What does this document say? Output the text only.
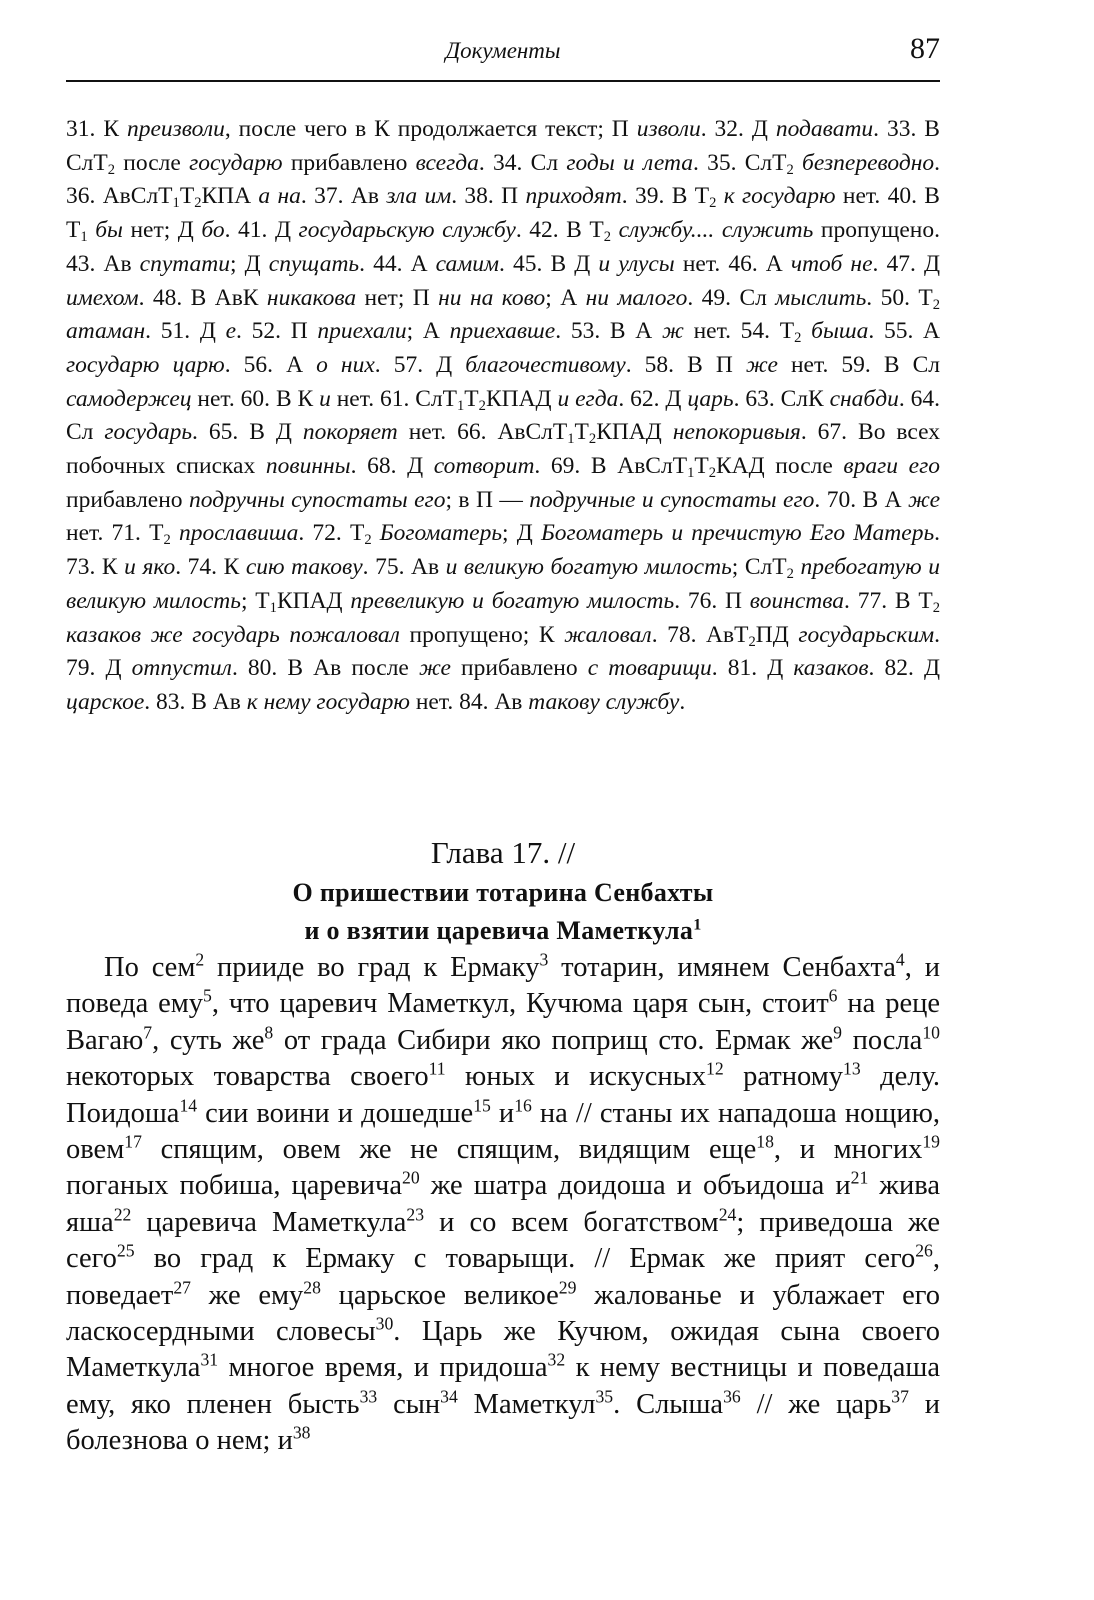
Документы	87

31. К преизволи, после чего в К продолжается текст; П изволи. 32. Д подавати. 33. В СлТ$_2$ после государю прибавлено всегда. 34. Сл годы и лета. 35. СлТ$_2$ безпереводно. 36. $АвСлТ_1Т_2КПА$ а на. 37. Ав зла им. 38. П приходят. 39. В $Т_2$ к государю нет. 40. В $Т_1$ бы нет; Д бо. 41. Д государьскую службу. 42. В $Т_2$ службу.... служить пропущено. 43. Ав спутати; Д спущать. 44. А самим. 45. В Д и улусы нет. 46. А чтоб не. 47. Д имехом. 48. В АвК никакова нет; П ни на ково; А ни малого. 49. Сл мыслить. 50. $Т_2$ атаман. 51. Д е. 52. П приехали; А приехавше. 53. В А ж нет. 54. $Т_2$ быша. 55. А государю царю. 56. А о них. 57. Д благочестивому. 58. В П же нет. 59. В Сл самодержец нет. 60. В К и нет. 61. $СлТ_1Т_2КПАД$ и егда. 62. Д царь. 63. СлК снабди. 64. Сл государь. 65. В Д покоряет нет. 66. $АвСлТ_1Т_2КПАД$ непокоривыя. 67. Во всех побочных списках повинны. 68. Д сотворит. 69. В $АвСлТ_1Т_2КАД$ после враги его прибавлено подручны супостаты его; в П — подручные и супостаты его. 70. В А же нет. 71. $Т_2$ прославиша. 72. $Т_2$ Богоматерь; Д Богоматерь и пречистую Его Матерь. 73. К и яко. 74. К сию такову. 75. Ав и великую богатую милость; СлТ$_2$ пребогатую и великую милость; $Т_1КПАД$ превеликую и богатую милость. 76. П воинства. 77. В $Т_2$ казаков же государь пожаловал пропущено; К жаловал. 78. АвТ$_2$ПД государьским. 79. Д отпустил. 80. В Ав после же прибавлено с товарищи. 81. Д казаков. 82. Д царское. 83. В Ав к нему государю нет. 84. Ав такову службу.

Глава 17. //
О пришествии тотарина Сенбахты
и о взятии царевича Маметкула$^1$

По сем$^2$ прииде во град к Ермаку$^3$ тотарин, имянем Сенбахта$^4$, и поведа ему$^5$, что царевич Маметкул, Кучюма царя сын, стоит$^6$ на реце Вагаю$^7$, суть $же^8$ от града Сибири яко поприщ сто. Ермак $же^9$ посла$^{10}$ некоторых товарства своего$^{11}$ юных и искусных$^{12}$ ратному$^{13}$ делу. Поидоша$^{14}$ сии воини и дошедше$^{15}$ $и^{16}$ на // станы их нападоша нощию, овем$^{17}$ спящим, овем же не спящим, видящим еще$^{18}$, и многих$^{19}$ поганых побиша, царевича$^{20}$ же шатра доидоша и объидоша $и^{21}$ жива яша$^{22}$ царевича Маметкула$^{23}$ и со всем богатством$^{24}$; приведоша же сего$^{25}$ во град к Ермаку с товарыщи. // Ермак же прият сего$^{26}$, поведает$^{27}$ же ему$^{28}$ царьское великое$^{29}$ жалованье и ублажает его ласкосердными словесы$^{30}$. Царь же Кучюм, ожидая сына своего Маметкула$^{31}$ многое время, и придоша$^{32}$ к нему вестницы и поведаша ему, яко пленен бысть$^{33}$ сын$^{34}$ Маметкул$^{35}$. Слыша$^{36}$ // же царь$^{37}$ и болезнова о нем; $и^{38}$
